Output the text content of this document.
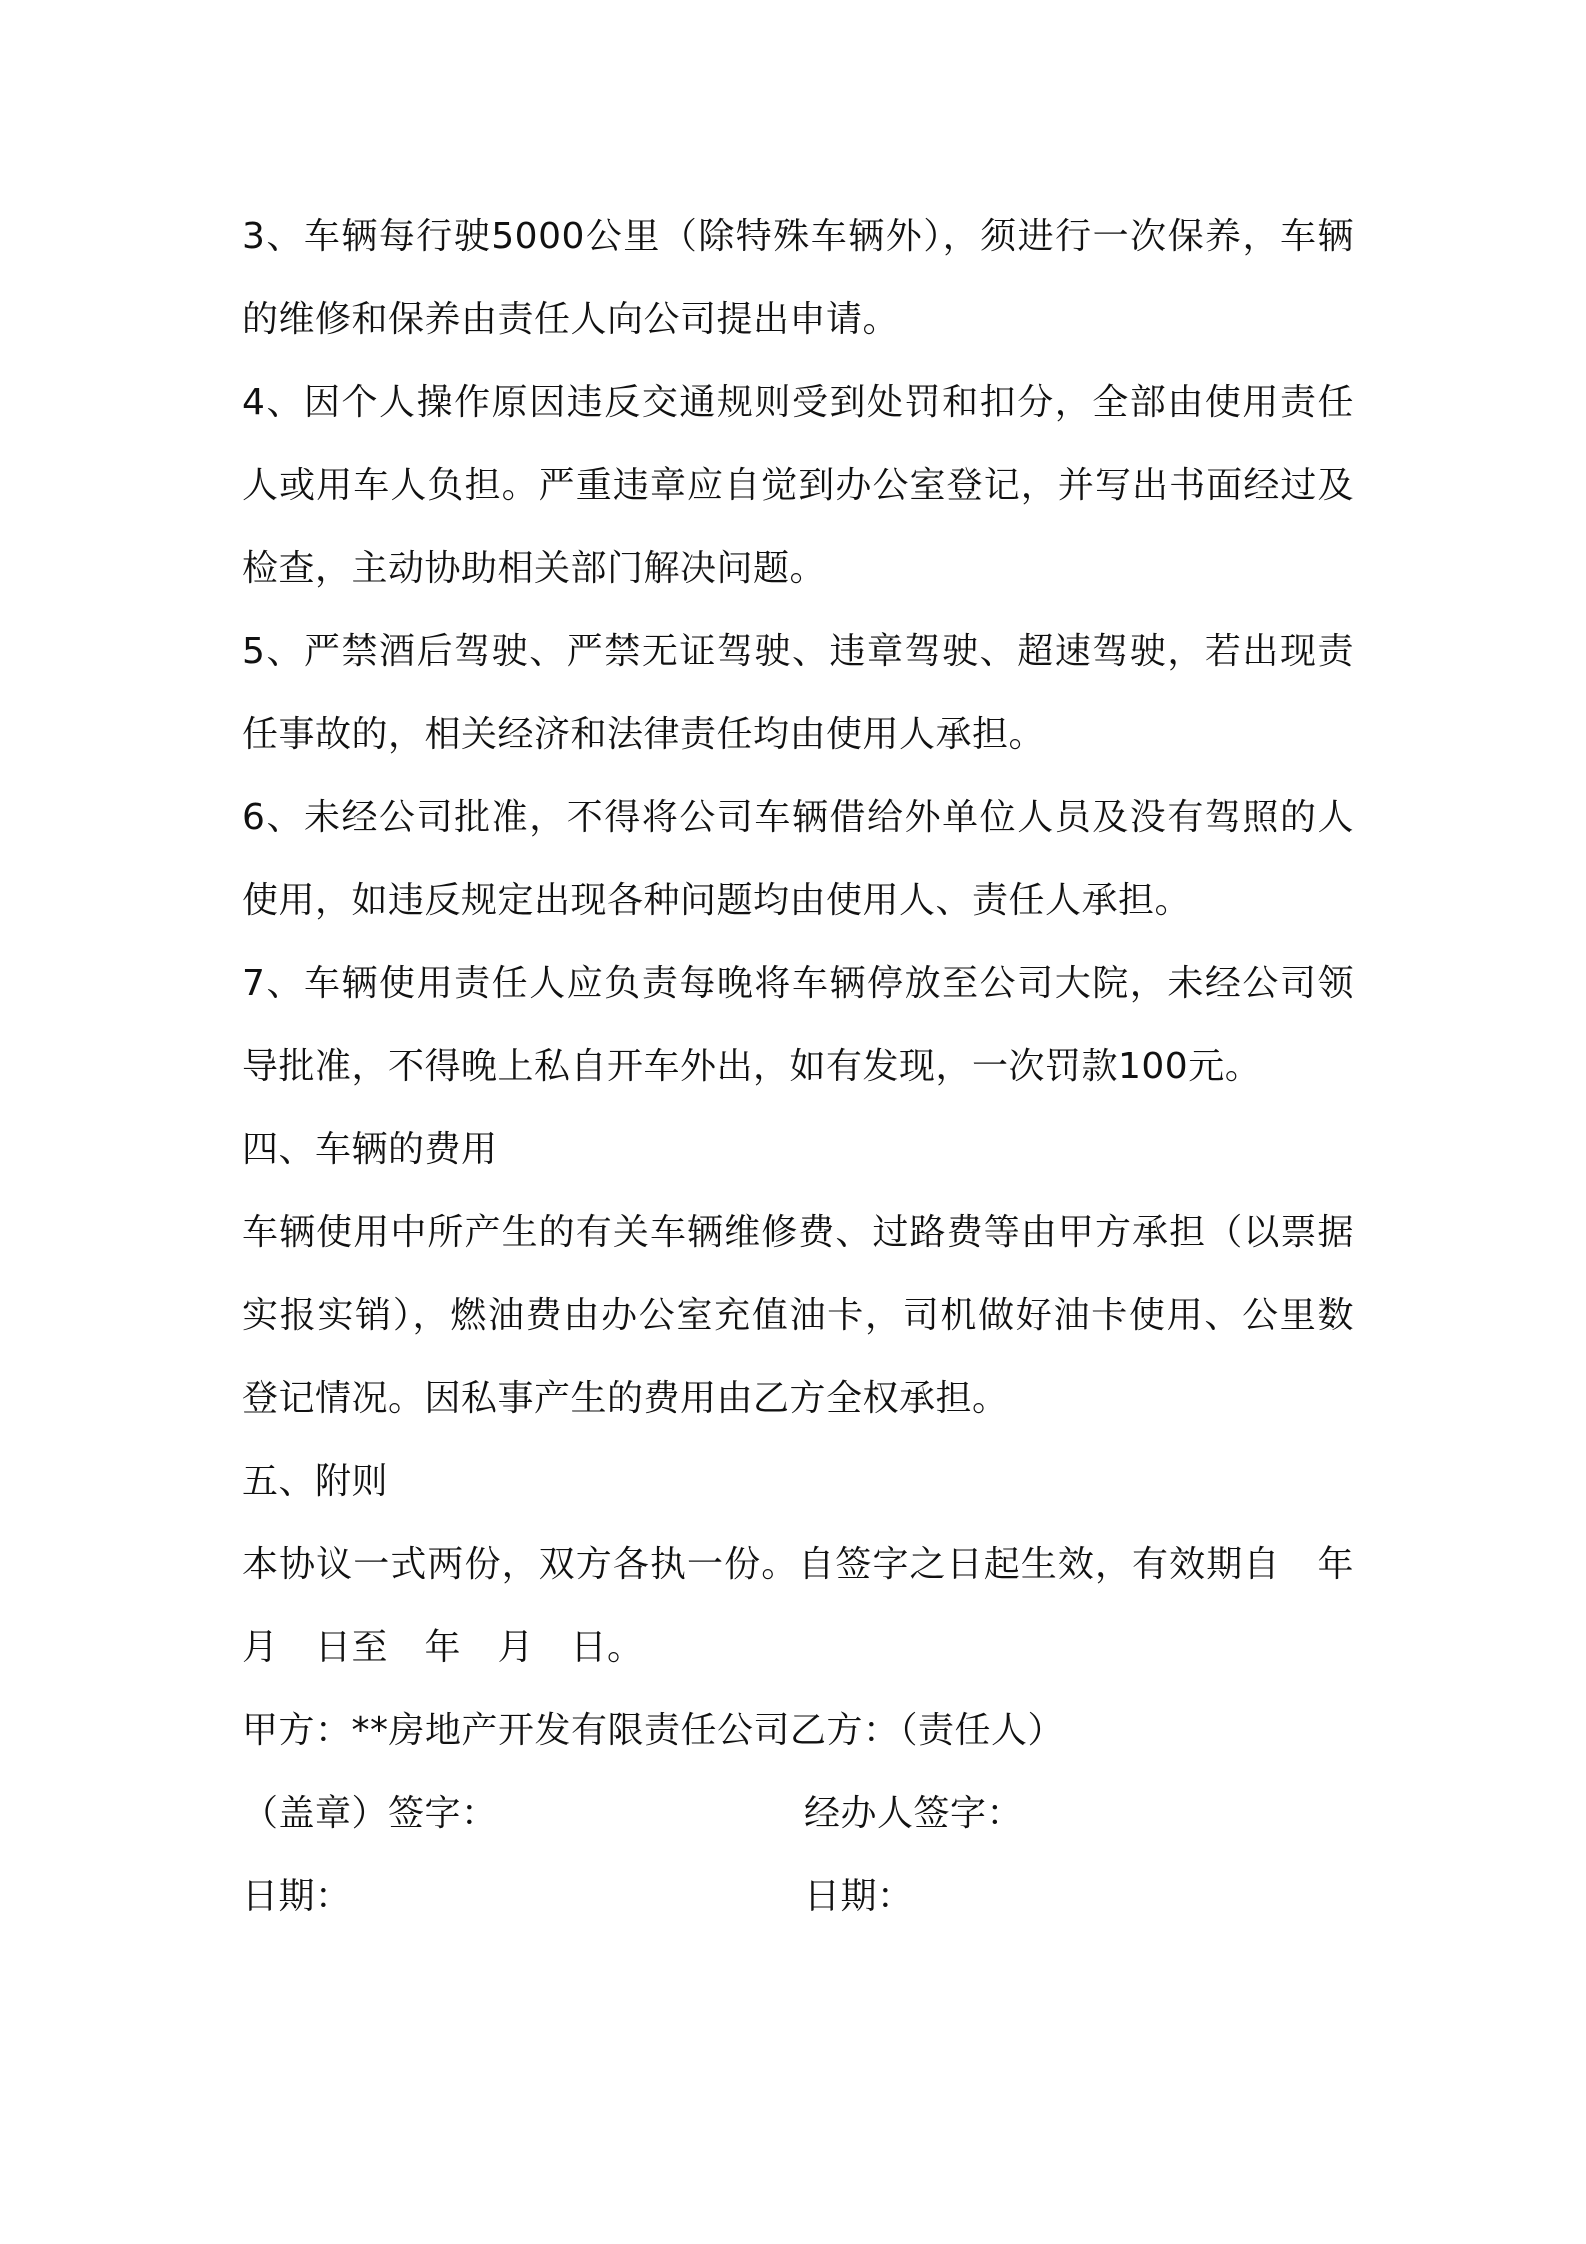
3、车辆每行驶5000公里（除特殊车辆外），须进行一次保养，车辆的维修和保养由责任人向公司提出申请。

4、因个人操作原因违反交通规则受到处罚和扣分，全部由使用责任人或用车人负担。严重违章应自觉到办公室登记，并写出书面经过及检查，主动协助相关部门解决问题。

5、严禁酒后驾驶、严禁无证驾驶、违章驾驶、超速驾驶，若出现责任事故的，相关经济和法律责任均由使用人承担。

6、未经公司批准，不得将公司车辆借给外单位人员及没有驾照的人使用，如违反规定出现各种问题均由使用人、责任人承担。

7、车辆使用责任人应负责每晚将车辆停放至公司大院，未经公司领导批准，不得晚上私自开车外出，如有发现，一次罚款100元。

四、车辆的费用

车辆使用中所产生的有关车辆维修费、过路费等由甲方承担（以票据实报实销），燃油费由办公室充值油卡，司机做好油卡使用、公里数登记情况。因私事产生的费用由乙方全权承担。

五、附则

本协议一式两份，双方各执一份。自签字之日起生效，有效期自　年月　日至　年　月　日。

甲方：**房地产开发有限责任公司乙方：（责任人）

（盖章）签字：	经办人签字：
日期：	日期：
